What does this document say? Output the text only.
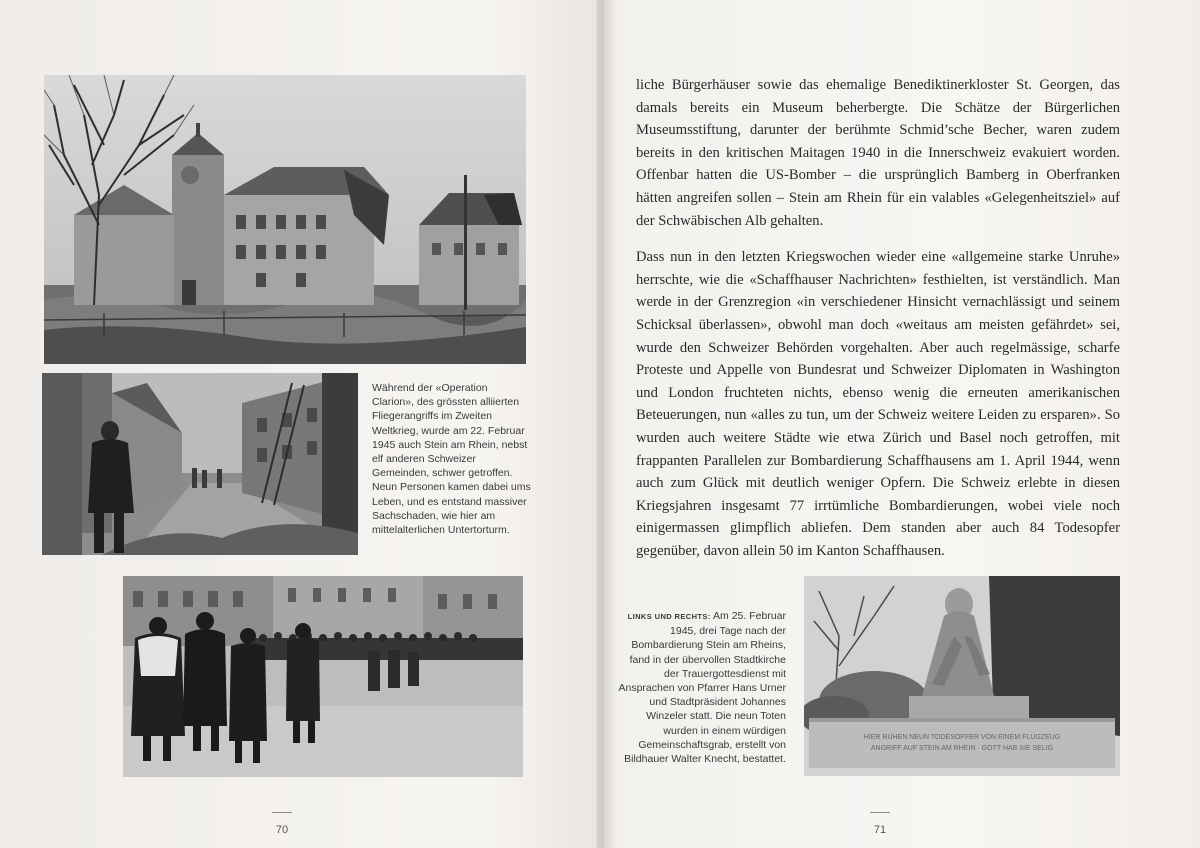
Während der «Operation Clarion», des grössten alliierten Fliegerangriffs im Zweiten Weltkrieg, wurde am 22. Februar 1945 auch Stein am Rhein, nebst elf anderen Schweizer Gemeinden, schwer getroffen. Neun Personen kamen dabei ums Leben, und es entstand massiver Sachschaden, wie hier am mittelalterlichen Untertorturm.
70

liche Bürgerhäuser sowie das ehemalige Benediktinerkloster St. Georgen, das damals bereits ein Museum beherbergte. Die Schätze der Bürgerlichen Museumsstiftung, darunter der berühmte Schmid’sche Becher, waren zudem bereits in den kritischen Maitagen 1940 in die Innerschweiz evakuiert worden. Offenbar hatten die US-Bomber – die ursprünglich Bamberg in Oberfranken hätten angreifen sollen – Stein am Rhein für ein valables «Gelegenheitsziel» auf der Schwäbischen Alb gehalten.

Dass nun in den letzten Kriegswochen wieder eine «allgemeine starke Unruhe» herrschte, wie die «Schaffhauser Nachrichten» festhielten, ist verständlich. Man werde in der Grenzregion «in verschiedener Hinsicht vernachlässigt und seinem Schicksal überlassen», obwohl man doch «weitaus am meisten gefährdet» sei, wurde den Schweizer Behörden vorgehalten. Aber auch regelmässige, scharfe Proteste und Appelle von Bundesrat und Schweizer Diplomaten in Washington und London fruchteten nichts, ebenso wenig die erneuten amerikanischen Beteuerungen, nun «alles zu tun, um der Schweiz weitere Leiden zu ersparen». So wurden auch weitere Städte wie etwa Zürich und Basel noch getroffen, mit frappanten Parallelen zur Bombardierung Schaffhausens am 1. April 1944, wenn auch zum Glück mit deutlich weniger Opfern. Die Schweiz erlebte in diesen Kriegsjahren insgesamt 77 irrtümliche Bombardierungen, wobei viele noch einigermassen glimpflich abliefen. Dem standen aber auch 84 Todesopfer gegenüber, davon allein 50 im Kanton Schaffhausen.

LINKS UND RECHTS: Am 25. Februar 1945, drei Tage nach der Bombardierung Stein am Rheins, fand in der übervollen Stadtkirche der Trauergottesdienst mit Ansprachen von Pfarrer Hans Urner und Stadtpräsident Johannes Winzeler statt. Die neun Toten wurden in einem würdigen Gemeinschaftsgrab, erstellt von Bildhauer Walter Knecht, bestattet.
HIER RUHEN NEUN TODESOPFER VON EINEM FLUGZEUG
ANGRIFF AUF STEIN AM RHEIN · GOTT HAB SIE SELIG
71
